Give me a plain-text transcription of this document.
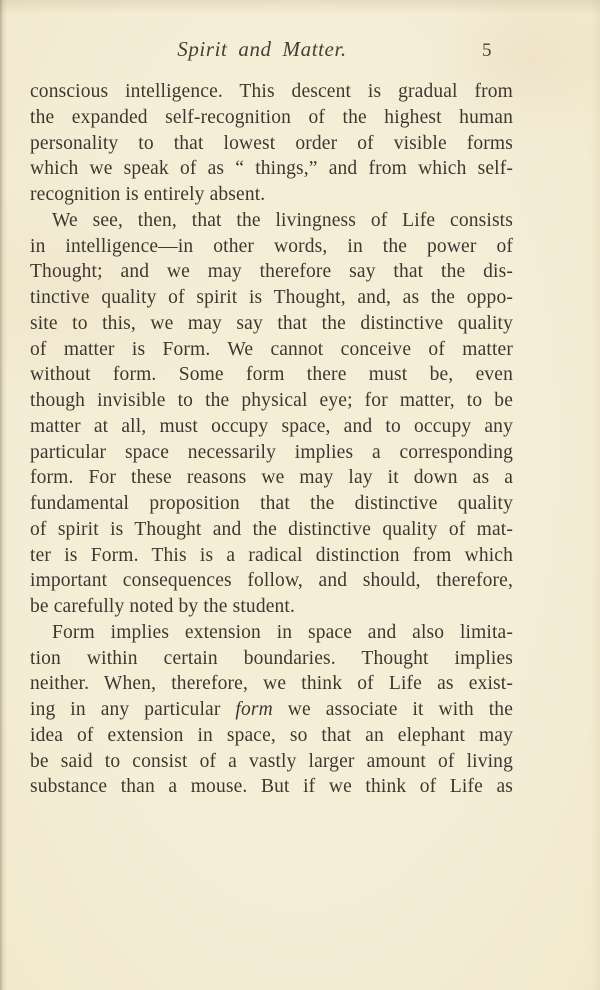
Spirit and Matter.	5
conscious intelligence. This descent is gradual from
the expanded self-recognition of the highest human
personality to that lowest order of visible forms
which we speak of as “ things,” and from which self-
recognition is entirely absent.
We see, then, that the livingness of Life consists
in intelligence—in other words, in the power of
Thought; and we may therefore say that the dis-
tinctive quality of spirit is Thought, and, as the oppo-
site to this, we may say that the distinctive quality
of matter is Form. We cannot conceive of matter
without form. Some form there must be, even
though invisible to the physical eye; for matter, to be
matter at all, must occupy space, and to occupy any
particular space necessarily implies a corresponding
form. For these reasons we may lay it down as a
fundamental proposition that the distinctive quality
of spirit is Thought and the distinctive quality of mat-
ter is Form. This is a radical distinction from which
important consequences follow, and should, therefore,
be carefully noted by the student.
Form implies extension in space and also limita-
tion within certain boundaries. Thought implies
neither. When, therefore, we think of Life as exist-
ing in any particular form we associate it with the
idea of extension in space, so that an elephant may
be said to consist of a vastly larger amount of living
substance than a mouse. But if we think of Life as
